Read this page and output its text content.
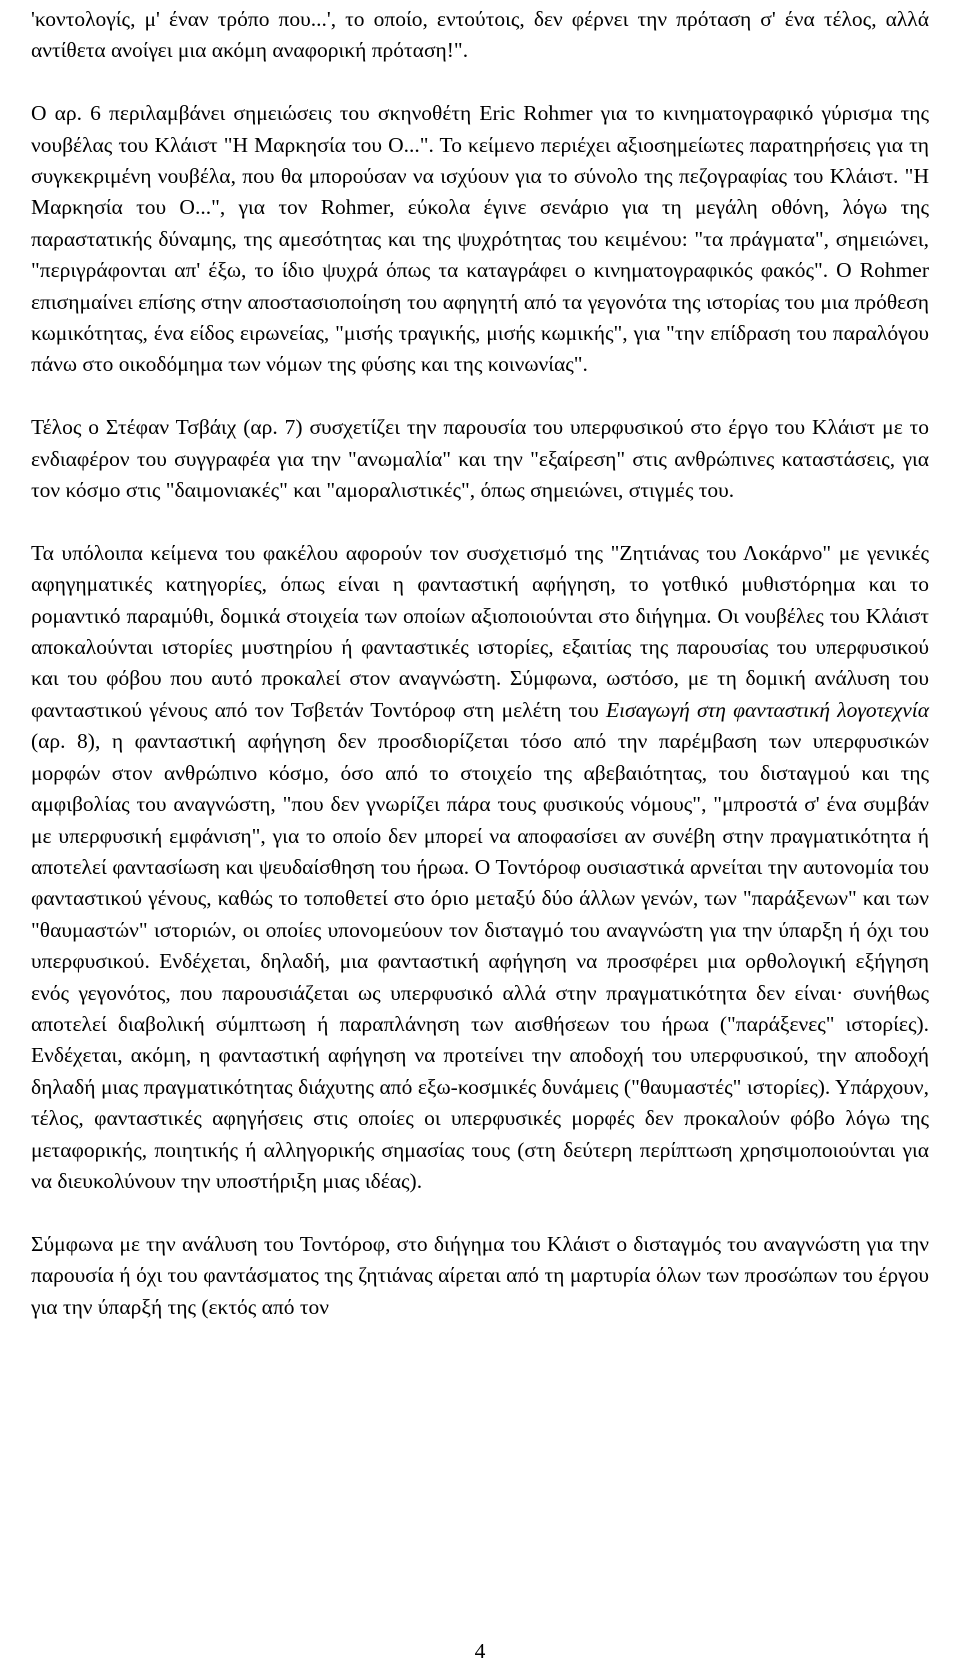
'κοντολογίς, μ' έναν τρόπο που...', το οποίο, εντούτοις, δεν φέρνει την πρόταση σ' ένα τέλος, αλλά αντίθετα ανοίγει μια ακόμη αναφορική πρόταση!".

Ο αρ. 6 περιλαμβάνει σημειώσεις του σκηνοθέτη Eric Rohmer για το κινηματογραφικό γύρισμα της νουβέλας του Κλάιστ "Η Μαρκησία του Ο...". Το κείμενο περιέχει αξιοσημείωτες παρατηρήσεις για τη συγκεκριμένη νουβέλα, που θα μπορούσαν να ισχύουν για το σύνολο της πεζογραφίας του Κλάιστ. "Η Μαρκησία του Ο...", για τον Rohmer, εύκολα έγινε σενάριο για τη μεγάλη οθόνη, λόγω της παραστατικής δύναμης, της αμεσότητας και της ψυχρότητας του κειμένου: "τα πράγματα", σημειώνει, "περιγράφονται απ' έξω, το ίδιο ψυχρά όπως τα καταγράφει ο κινηματογραφικός φακός". Ο Rohmer επισημαίνει επίσης στην αποστασιοποίηση του αφηγητή από τα γεγονότα της ιστορίας του μια πρόθεση κωμικότητας, ένα είδος ειρωνείας, "μισής τραγικής, μισής κωμικής", για "την επίδραση του παραλόγου πάνω στο οικοδόμημα των νόμων της φύσης και της κοινωνίας".

Τέλος ο Στέφαν Τσβάιχ (αρ. 7) συσχετίζει την παρουσία του υπερφυσικού στο έργο του Κλάιστ με το ενδιαφέρον του συγγραφέα για την "ανωμαλία" και την "εξαίρεση" στις ανθρώπινες καταστάσεις, για τον κόσμο στις "δαιμονιακές" και "αμοραλιστικές", όπως σημειώνει, στιγμές του.

Τα υπόλοιπα κείμενα του φακέλου αφορούν τον συσχετισμό της "Ζητιάνας του Λοκάρνο" με γενικές αφηγηματικές κατηγορίες, όπως είναι η φανταστική αφήγηση, το γοτθικό μυθιστόρημα και το ρομαντικό παραμύθι, δομικά στοιχεία των οποίων αξιοποιούνται στο διήγημα. Οι νουβέλες του Κλάιστ αποκαλούνται ιστορίες μυστηρίου ή φανταστικές ιστορίες, εξαιτίας της παρουσίας του υπερφυσικού και του φόβου που αυτό προκαλεί στον αναγνώστη. Σύμφωνα, ωστόσο, με τη δομική ανάλυση του φανταστικού γένους από τον Τσβετάν Τοντόροφ στη μελέτη του Εισαγωγή στη φανταστική λογοτεχνία (αρ. 8), η φανταστική αφήγηση δεν προσδιορίζεται τόσο από την παρέμβαση των υπερφυσικών μορφών στον ανθρώπινο κόσμο, όσο από το στοιχείο της αβεβαιότητας, του δισταγμού και της αμφιβολίας του αναγνώστη, "που δεν γνωρίζει πάρα τους φυσικούς νόμους", "μπροστά σ' ένα συμβάν με υπερφυσική εμφάνιση", για το οποίο δεν μπορεί να αποφασίσει αν συνέβη στην πραγματικότητα ή αποτελεί φαντασίωση και ψευδαίσθηση του ήρωα. Ο Τοντόροφ ουσιαστικά αρνείται την αυτονομία του φανταστικού γένους, καθώς το τοποθετεί στο όριο μεταξύ δύο άλλων γενών, των "παράξενων" και των "θαυμαστών" ιστοριών, οι οποίες υπονομεύουν τον δισταγμό του αναγνώστη για την ύπαρξη ή όχι του υπερφυσικού. Ενδέχεται, δηλαδή, μια φανταστική αφήγηση να προσφέρει μια ορθολογική εξήγηση ενός γεγονότος, που παρουσιάζεται ως υπερφυσικό αλλά στην πραγματικότητα δεν είναι· συνήθως αποτελεί διαβολική σύμπτωση ή παραπλάνηση των αισθήσεων του ήρωα ("παράξενες" ιστορίες). Ενδέχεται, ακόμη, η φανταστική αφήγηση να προτείνει την αποδοχή του υπερφυσικού, την αποδοχή δηλαδή μιας πραγματικότητας διάχυτης από εξω-κοσμικές δυνάμεις ("θαυμαστές" ιστορίες). Υπάρχουν, τέλος, φανταστικές αφηγήσεις στις οποίες οι υπερφυσικές μορφές δεν προκαλούν φόβο λόγω της μεταφορικής, ποιητικής ή αλληγορικής σημασίας τους (στη δεύτερη περίπτωση χρησιμοποιούνται για να διευκολύνουν την υποστήριξη μιας ιδέας).

Σύμφωνα με την ανάλυση του Τοντόροφ, στο διήγημα του Κλάιστ ο δισταγμός του αναγνώστη για την παρουσία ή όχι του φαντάσματος της ζητιάνας αίρεται από τη μαρτυρία όλων των προσώπων του έργου για την ύπαρξή της (εκτός από τον

4
